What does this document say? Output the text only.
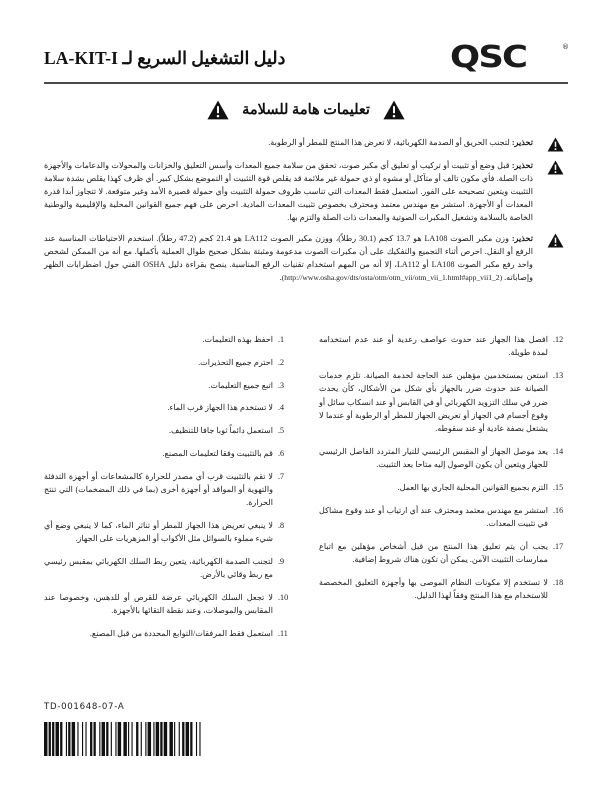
دليل التشغيل السريع لـ LA-KIT-I	QSC	®
تعليمات هامة للسلامة
تحذير: لتجنب الحريق أو الصدمة الكهربائية، لا تعرض هذا المنتج للمطر أو الرطوبة.
تحذير: قبل وضع أو تثبيت أو تركيب أو تعليق أي مكبر صوت، تحقق من سلامة جميع المعدات وأسس التعليق والخزانات والمحولات والدعامات والأجهزة ذات الصلة. فأي مكون تالف أو متآكل أو مشوه أو ذي حمولة غير ملائمة قد يقلص قوة التثبيت أو التموضع بشكل كبير. أي ظرف كهذا يقلص بشدة سلامة التثبيت ويتعين تصحيحه على الفور. استعمل فقط المعدات التي تناسب ظروف حمولة التثبيت وأي حمولة قصيرة الأمد وغير متوقعة. لا تتجاوز أبدا قدرة المعدات أو الأجهزة. استشر مع مهندس معتمد ومحترف بخصوص تثبيت المعدات المادية. احرص على فهم جميع القوانين المحلية والإقليمية والوطنية الخاصة بالسلامة وتشغيل المكبرات الصوتية والمعدات ذات الصلة والتزم بها.
تحذير: وزن مكبر الصوت LA108 هو 13.7 كجم (30.1 رطلاً)، ووزن مكبر الصوت LA112 هو 21.4 كجم (47.2 رطلاً). استخدم الاحتياطات المناسبة عند الرفع أو النقل. احرص أثناء التجميع والتفكيك على أن مكبرات الصوت مدعومة ومثبتة بشكل صحيح طوال العملية بأكملها. مع أنه من الممكن لشخص واحد رفع مكبر الصوت LA108 أو LA112، إلا أنه من المهم استخدام تقنيات الرفع المناسبة. ينصح بقراءة دليل OSHA الفني حول اضطرابات الظهر وإصاباته. (http://www.osha.gov/dts/osta/otm/otm_vii/otm_vii_1.html#app_vii1_2).
.1
احفظ بهذه التعليمات.
.2
احترم جميع التحذيرات.
.3
اتبع جميع التعليمات.
.4
لا تستخدم هذا الجهاز قرب الماء.
.5
استعمل دائماً ثوبا جافا للتنظيف.
.6
قم بالتثبيت وفقا لتعليمات المصنع.
.7
لا تقم بالتثبيت قرب أي مصدر للحرارة كالمشعاعات أو أجهزة التدفئة والتهوية أو المواقد أو أجهزة أخرى (بما في ذلك المضخمات) التي تنتج الحرارة.
.8
لا ينبغي تعريض هذا الجهاز للمطر أو تناثر الماء، كما لا ينبغي وضع أي شيء مملوء بالسوائل مثل الأكواب أو المزهريات على الجهاز.
.9
لتجنب الصدمة الكهربائية، يتعين ربط السلك الكهربائي بمقبس رئيسي مع ربط وقائي بالأرض.
.10
لا تجعل السلك الكهربائي عرضة للقرص أو للدهس، وخصوصا عند المقابس والموصلات، وعند نقطة التقائها بالأجهزة.
.11
استعمل فقط المرفقات/التوابع المحددة من قبل المصنع.
.12
افصل هذا الجهاز عند حدوث عواصف رعدية أو عند عدم استخدامه لمدة طويلة.
.13
استعن بمستخدمين مؤهلين عند الحاجة لخدمة الصيانة. تلزم خدمات الصيانة عند حدوث ضرر بالجهاز بأي شكل من الأشكال، كأن يحدث ضرر في سلك التزويد الكهربائي أو في القابس أو عند انسكاب سائل أو وقوع أجسام في الجهاز أو تعريض الجهاز للمطر أو الرطوبة أو عندما لا يشتغل بصفة عادية أو عند سقوطه.
.14
يعد موصل الجهاز أو المقبس الرئيسي للتيار المتردد الفاصل الرئيسي للجهاز ويتعين أن يكون الوصول إليه متاحا بعد التثبيت.
.15
التزم بجميع القوانين المحلية الجاري بها العمل.
.16
استشر مع مهندس معتمد ومحترف عند أي ارتياب أو عند وقوع مشاكل في تثبيت المعدات.
.17
يجب أن يتم تعليق هذا المنتج من قبل أشخاص مؤهلين مع اتباع ممارسات التثبيت الآمن. يمكن أن تكون هناك شروط إضافية.
.18
لا تستخدم إلا مكونات النظام الموصى بها وأجهزة التعليق المخصصة للاستخدام مع هذا المنتج وفقاً لهذا الدليل.
TD-001648-07-A
